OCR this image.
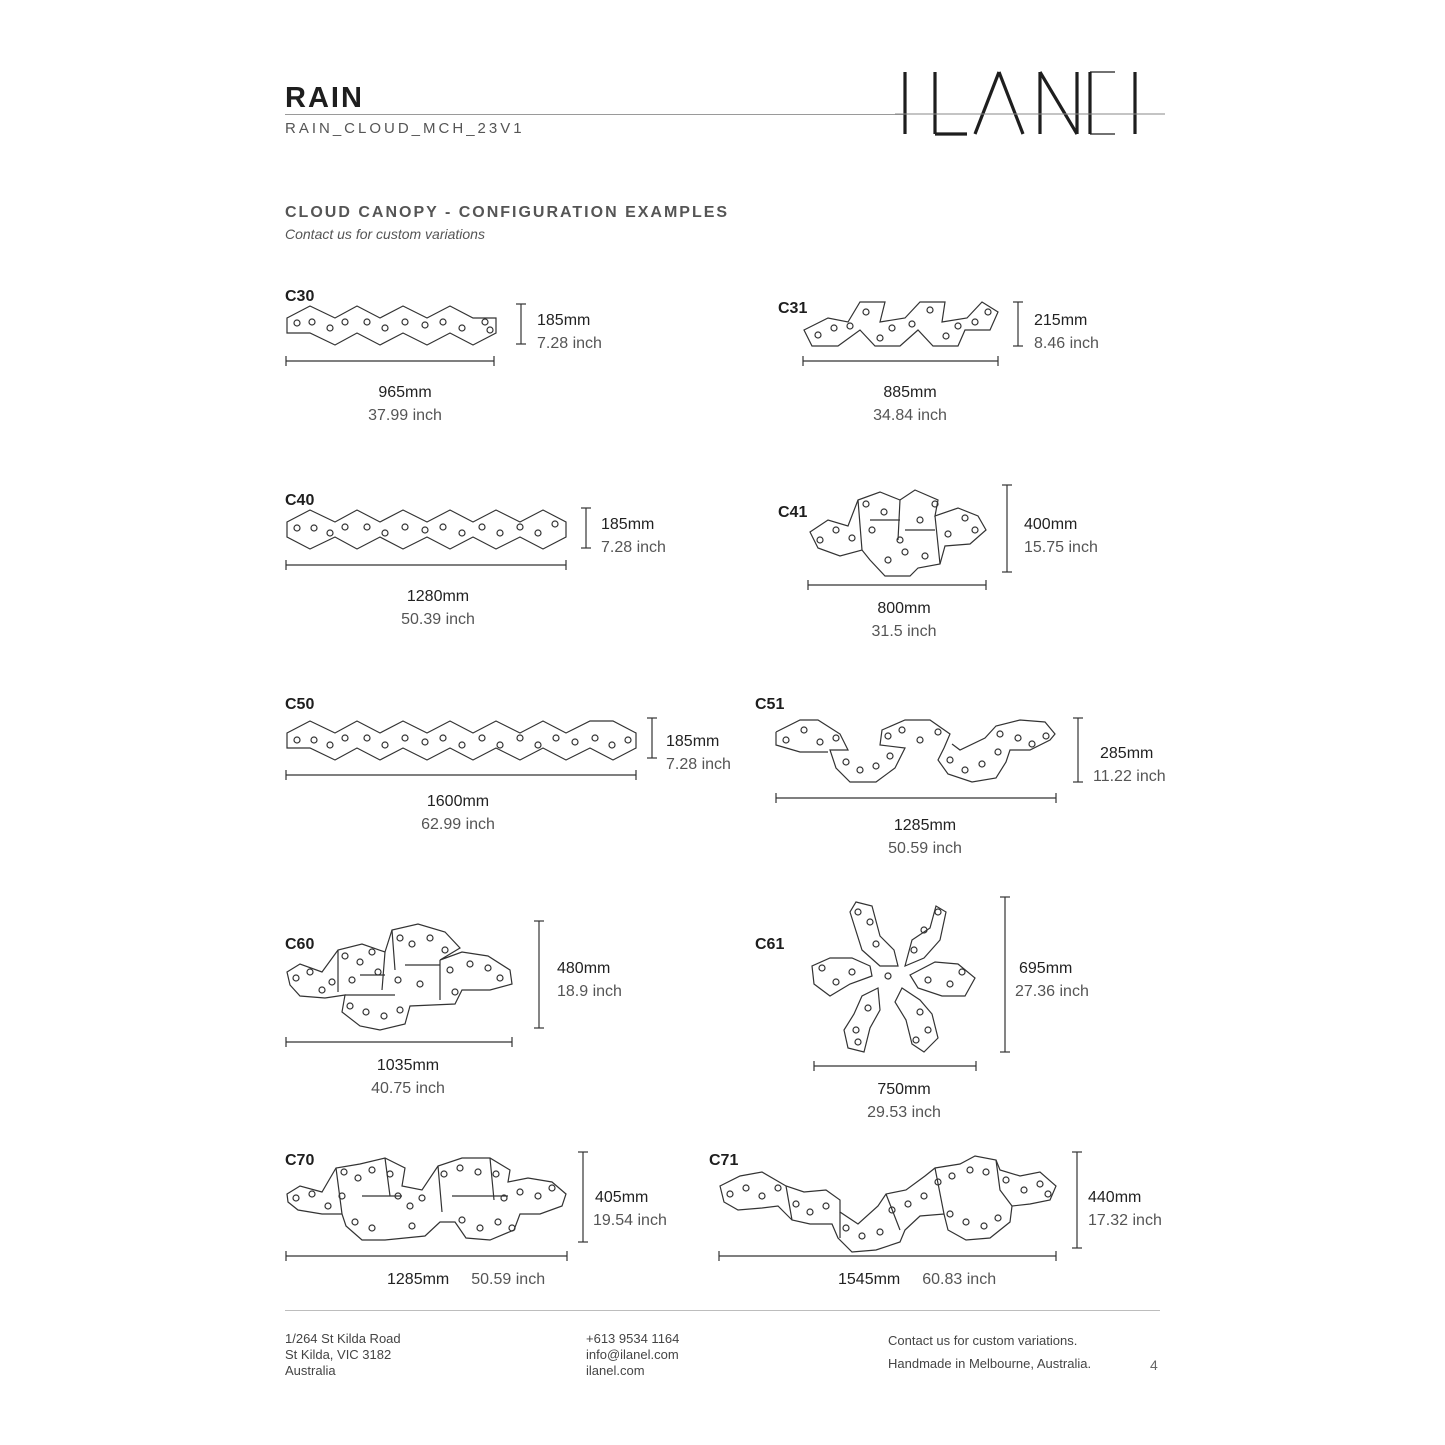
RAIN
RAIN_CLOUD_MCH_23V1
CLOUD CANOPY - CONFIGURATION EXAMPLES
Contact us for custom variations
C30
185mm
7.28 inch
965mm
37.99 inch
C31
215mm
8.46 inch
885mm
34.84 inch
C40
185mm
7.28 inch
1280mm
50.39 inch
C41
400mm
15.75 inch
800mm
31.5 inch
C50
185mm
7.28 inch
1600mm
62.99 inch
C51
285mm
11.22 inch
1285mm
50.59 inch
C60
480mm
18.9 inch
1035mm
40.75 inch
C61
695mm
27.36 inch
750mm
29.53 inch
C70
405mm
19.54 inch
1285mm 50.59 inch
C71
440mm
17.32 inch
1545mm 60.83 inch
1/264 St Kilda Road
St Kilda, VIC 3182
Australia
+613 9534 1164
info@ilanel.com
ilanel.com
Contact us for custom variations.
Handmade in Melbourne, Australia.	4
